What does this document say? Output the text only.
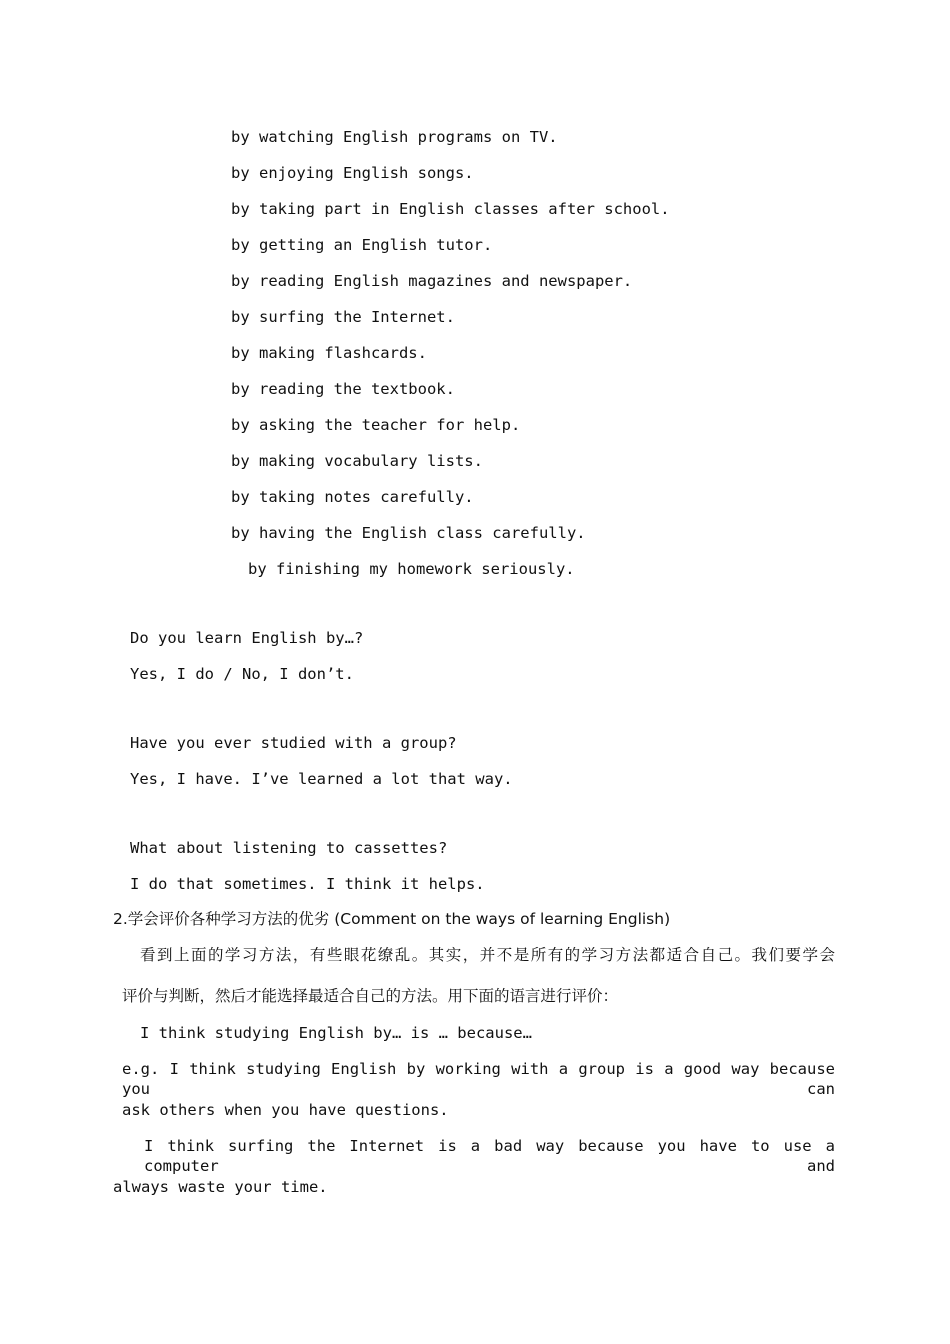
by watching English programs on TV.

by enjoying English songs.

by taking part in English classes after school.

by getting an English tutor.

by reading English magazines and newspaper.

by surfing the Internet.

by making flashcards.

by reading the textbook.

by asking the teacher for help.

by making vocabulary lists.

by taking notes carefully.

by having the English class carefully.

by finishing my homework seriously.

Do you learn English by…?

Yes, I do / No, I don’t.

Have you ever studied with a group?

Yes, I have. I’ve learned a lot that way.

What about listening to cassettes?

I do that sometimes. I think it helps.

2.学会评价各种学习方法的优劣 (Comment on the ways of learning English)

看到上面的学习方法，有些眼花缭乱。其实，并不是所有的学习方法都适合自己。我们要学会

评价与判断，然后才能选择最适合自己的方法。用下面的语言进行评价：

I think studying English by… is … because…

e.g. I think studying English by working with a group is a good way because you can

ask others when you have questions.

I think surfing the Internet is a bad way because you have to use a computer and

always waste your time.
